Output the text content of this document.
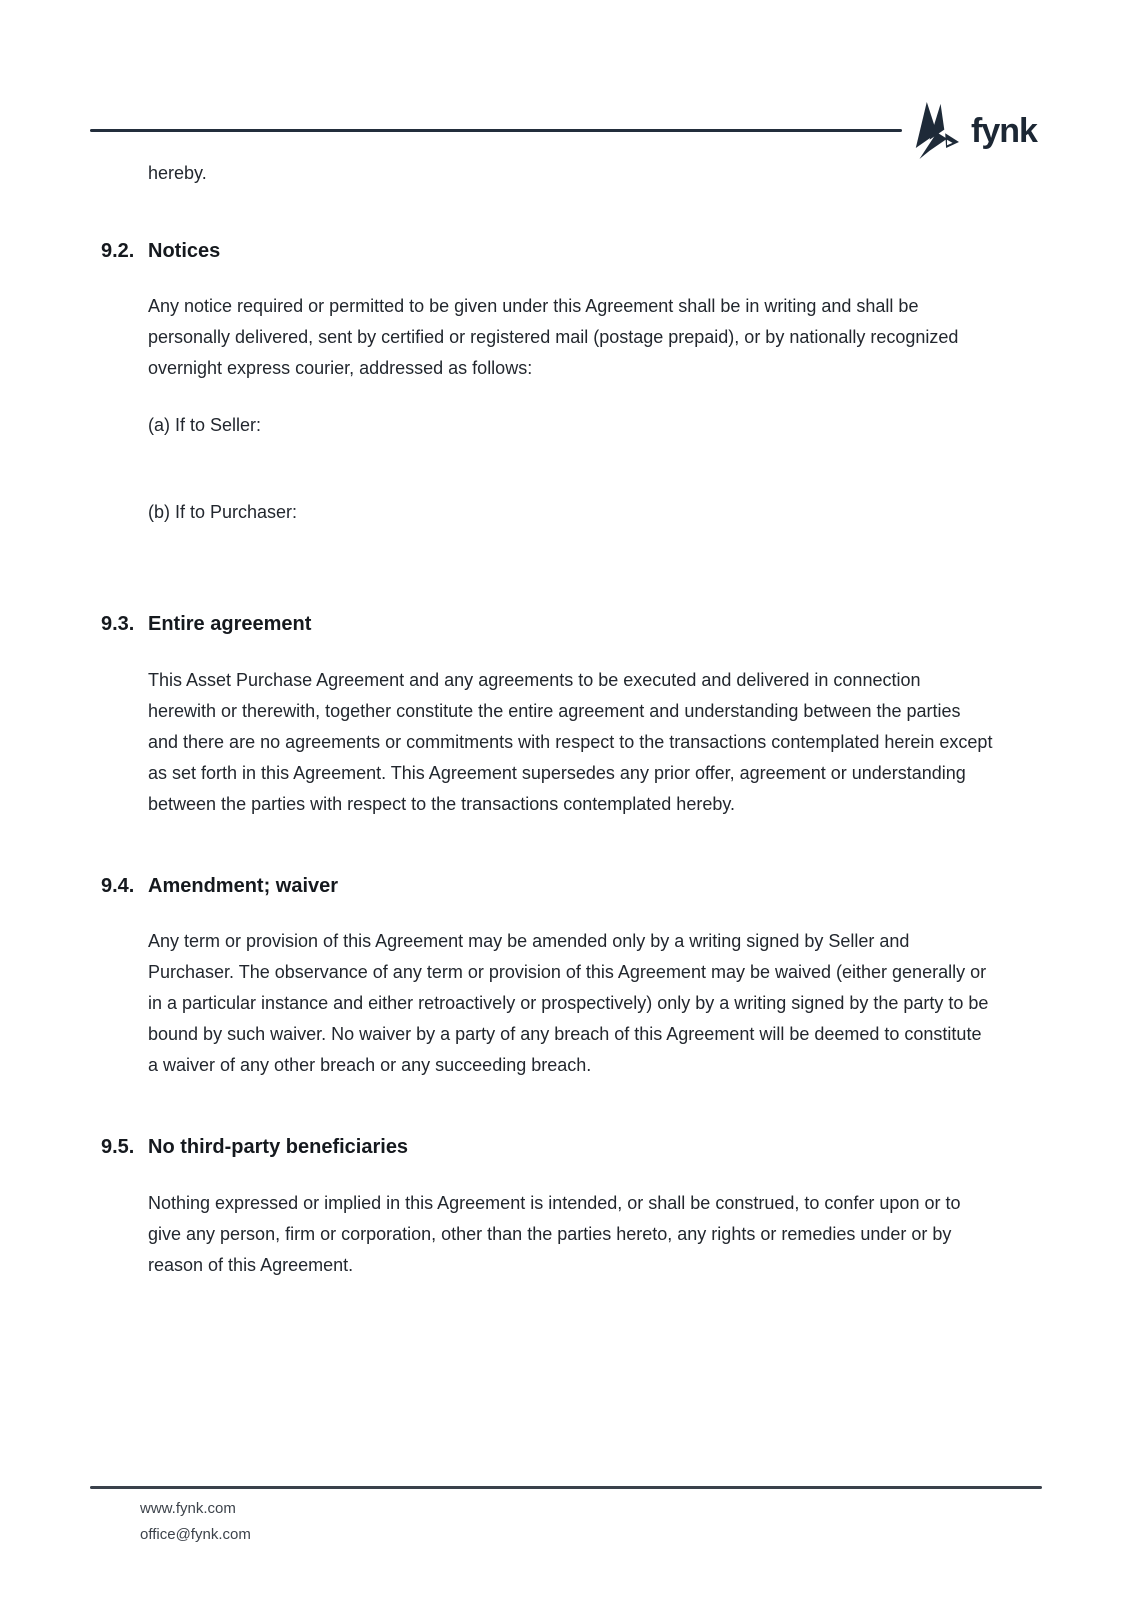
fynk

hereby.

9.2. Notices

Any notice required or permitted to be given under this Agreement shall be in writing and shall be personally delivered, sent by certified or registered mail (postage prepaid), or by nationally recognized overnight express courier, addressed as follows:

(a) If to Seller:

(b) If to Purchaser:

9.3. Entire agreement

This Asset Purchase Agreement and any agreements to be executed and delivered in connection herewith or therewith, together constitute the entire agreement and understanding between the parties and there are no agreements or commitments with respect to the transactions contemplated herein except as set forth in this Agreement. This Agreement supersedes any prior offer, agreement or understanding between the parties with respect to the transactions contemplated hereby.

9.4. Amendment; waiver

Any term or provision of this Agreement may be amended only by a writing signed by Seller and Purchaser. The observance of any term or provision of this Agreement may be waived (either generally or in a particular instance and either retroactively or prospectively) only by a writing signed by the party to be bound by such waiver. No waiver by a party of any breach of this Agreement will be deemed to constitute a waiver of any other breach or any succeeding breach.

9.5. No third-party beneficiaries

Nothing expressed or implied in this Agreement is intended, or shall be construed, to confer upon or to give any person, firm or corporation, other than the parties hereto, any rights or remedies under or by reason of this Agreement.

www.fynk.com
office@fynk.com
